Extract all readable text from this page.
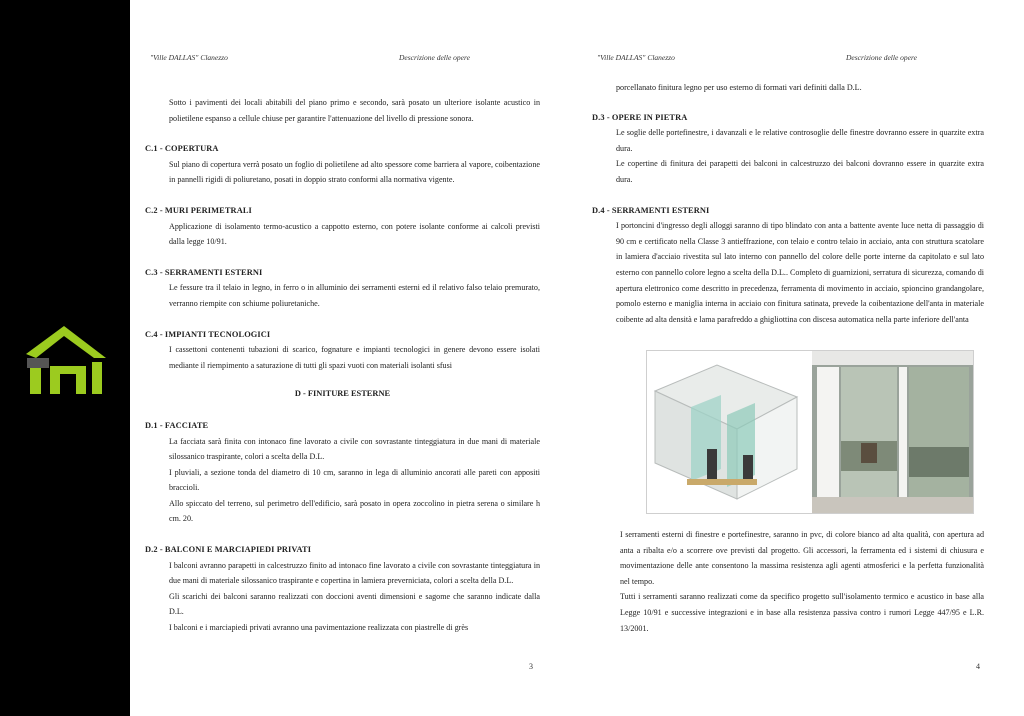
"Ville DALLAS" Clanezzo	Descrizione delle opere

Sotto i pavimenti dei locali abitabili del piano primo e secondo, sarà posato un ulteriore isolante acustico in polietilene espanso a cellule chiuse per garantire l'attenuazione del livello di pressione sonora.

C.1 - COPERTURA

Sul piano di copertura verrà posato un foglio di polietilene ad alto spessore come barriera al vapore, coibentazione in pannelli rigidi di poliuretano, posati in doppio strato conformi alla normativa vigente.

C.2 - MURI PERIMETRALI

Applicazione di isolamento termo-acustico a cappotto esterno, con potere isolante conforme ai calcoli previsti dalla legge 10/91.

C.3 - SERRAMENTI ESTERNI

Le fessure tra il telaio in legno, in ferro o in alluminio dei serramenti esterni ed il relativo falso telaio premurato, verranno riempite con schiume poliuretaniche.

C.4 - IMPIANTI TECNOLOGICI

I cassettoni contenenti tubazioni di scarico, fognature e impianti tecnologici in genere devono essere isolati mediante il riempimento a saturazione di tutti gli spazi vuoti con materiali isolanti sfusi

D - FINITURE ESTERNE

D.1 - FACCIATE

La facciata sarà finita con intonaco fine lavorato a civile con sovrastante tinteggiatura in due mani di materiale silossanico traspirante, colori a scelta della D.L.

I pluviali, a sezione tonda del diametro di 10 cm, saranno in lega di alluminio ancorati alle pareti con appositi braccioli.

Allo spiccato del terreno, sul perimetro dell'edificio, sarà posato in opera zoccolino in pietra serena o similare h cm. 20.

D.2 - BALCONI E MARCIAPIEDI PRIVATI

I balconi avranno parapetti in calcestruzzo finito ad intonaco fine lavorato a civile con sovrastante tinteggiatura in due mani di materiale silossanico traspirante e copertina in lamiera preverniciata, colori a scelta della D.L.

Gli scarichi dei balconi saranno realizzati con doccioni aventi dimensioni e sagome che saranno indicate dalla D.L.

I balconi e i marciapiedi privati avranno una pavimentazione realizzata con piastrelle di grès

3
"Ville DALLAS" Clanezzo	Descrizione delle opere

porcellanato finitura legno per uso esterno di formati vari definiti dalla D.L.

D.3 - OPERE IN PIETRA

Le soglie delle portefinestre, i davanzali e le relative controsoglie delle finestre dovranno essere in quarzite extra dura.

Le copertine di finitura dei parapetti dei balconi in calcestruzzo dei balconi dovranno essere in quarzite extra dura.

D.4 - SERRAMENTI ESTERNI

I portoncini d'ingresso degli alloggi saranno di tipo blindato con anta a battente avente luce netta di passaggio di 90 cm e certificato nella Classe 3 antieffrazione, con telaio e contro telaio in acciaio, anta con struttura scatolare in lamiera d'acciaio rivestita sul lato interno con pannello del colore delle porte interne da capitolato e sul lato esterno con pannello colore legno a scelta della D.L.. Completo di guarnizioni, serratura di sicurezza, comando di apertura elettronico come descritto in precedenza, ferramenta di movimento in acciaio, spioncino grandangolare, pomolo esterno e maniglia interna in acciaio con finitura satinata, prevede la coibentazione dell'anta in materiale coibente ad alta densità e lama parafreddo a ghigliottina con discesa automatica nella parte inferiore dell'anta

I serramenti esterni di finestre e portefinestre, saranno in pvc, di colore bianco ad alta qualità, con apertura ad anta a ribalta e/o a scorrere ove previsti dal progetto. Gli accessori, la ferramenta ed i sistemi di chiusura e movimentazione delle ante consentono la massima resistenza agli agenti atmosferici e la perfetta funzionalità nel tempo.

Tutti i serramenti saranno realizzati come da specifico progetto sull'isolamento termico e acustico in base alla Legge 10/91 e successive integrazioni e in base alla resistenza passiva contro i rumori Legge 447/95 e L.R. 13/2001.

4
